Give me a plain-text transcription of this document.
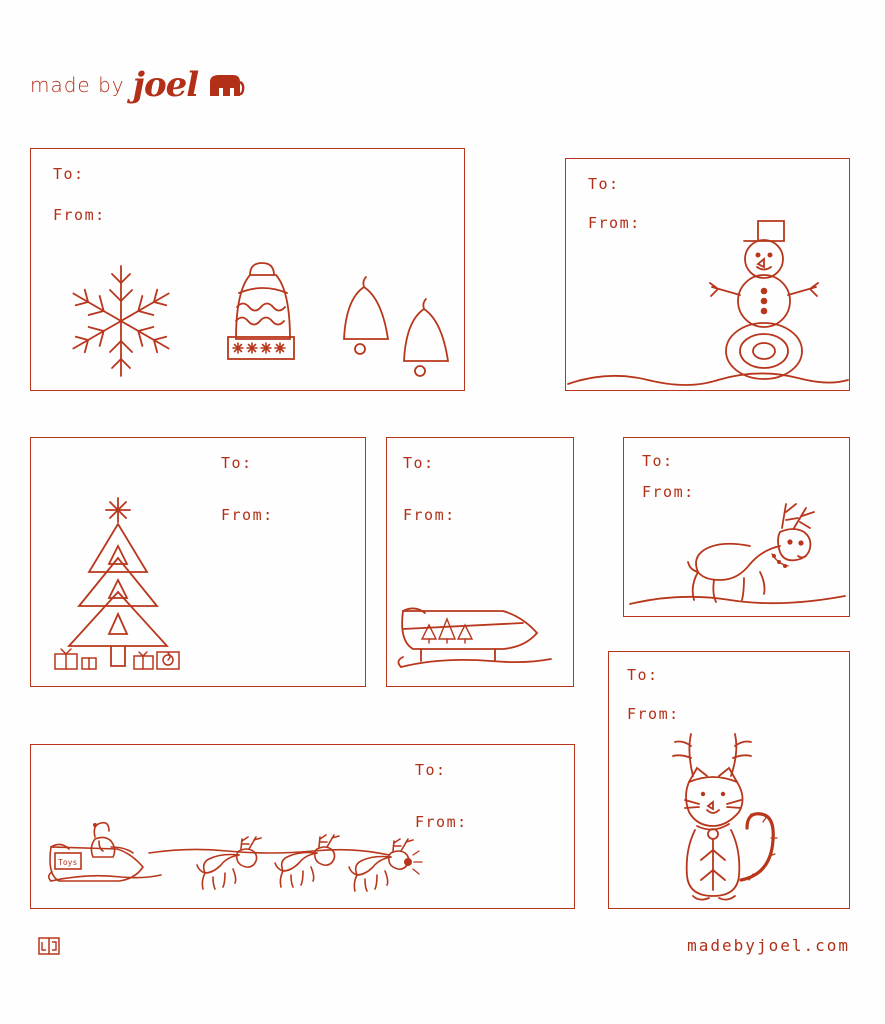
made by joel
To:
From:
To:
From:
To:
From:
To:
From:
To:
From:
To:
From:
Toys
To:
From:
madebyjoel.com
